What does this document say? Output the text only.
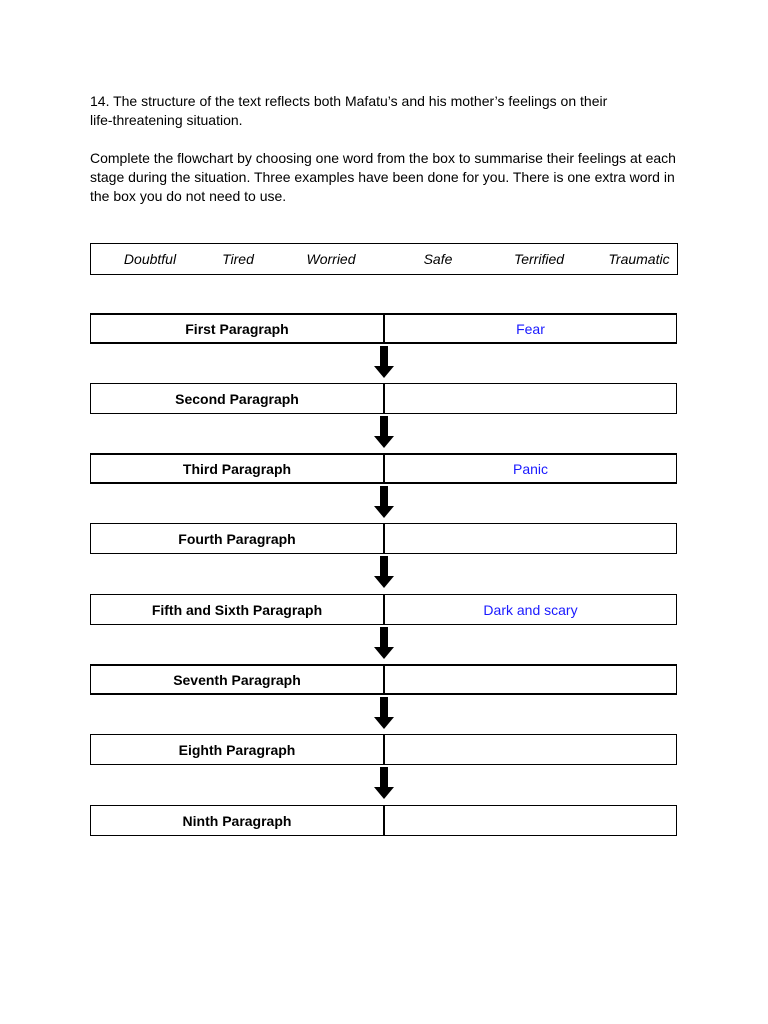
14. The structure of the text reflects both Mafatu’s and his mother’s feelings on their

life-threatening situation.

Complete the flowchart by choosing one word from the box to summarise their feelings at each
stage during the situation. Three examples have been done for you. There is one extra word in
the box you do not need to use.
Doubtful	Tired	Worried	Safe	Terrified	Traumatic
First Paragraph	Fear
Second Paragraph
Third Paragraph	Panic
Fourth Paragraph
Fifth and Sixth Paragraph	Dark and scary
Seventh Paragraph
Eighth Paragraph
Ninth Paragraph
